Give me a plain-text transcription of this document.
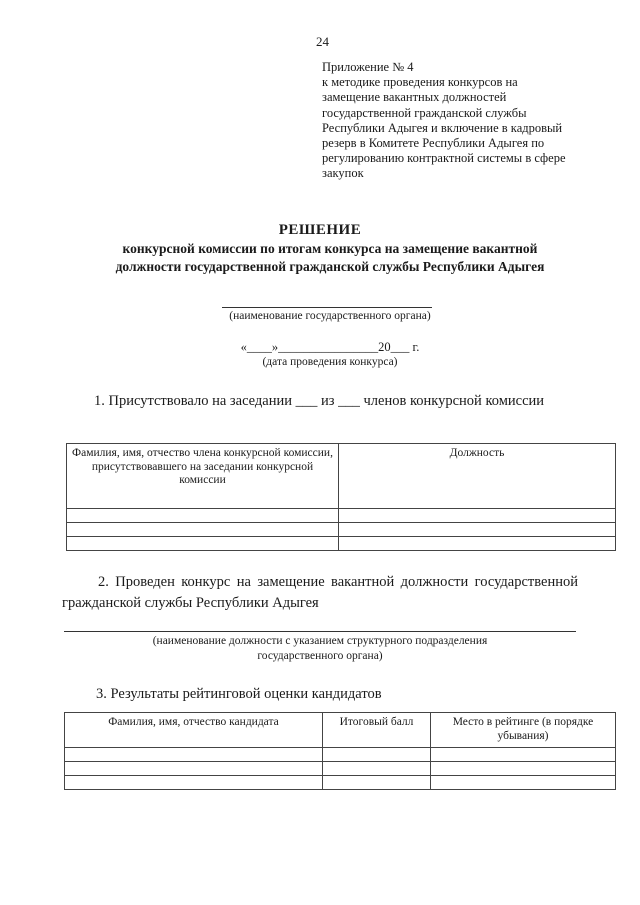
24
Приложение № 4
к методике проведения конкурсов на
замещение вакантных должностей
государственной гражданской службы
Республики Адыгея и включение в кадровый
резерв в Комитете Республики Адыгея по
регулированию контрактной системы в сфере
закупок
РЕШЕНИЕ
конкурсной комиссии по итогам конкурса на замещение вакантной
должности государственной гражданской службы Республики Адыгея
(наименование государственного органа)
«____»________________20___ г.
(дата проведения конкурса)
1. Присутствовало на заседании ___ из ___ членов конкурсной комиссии
Фамилия, имя, отчество члена конкурсной комиссии, присутствовавшего на заседании конкурсной комиссии	Должность

2. Проведен конкурс на замещение вакантной должности государственной гражданской службы Республики Адыгея
(наименование должности с указанием структурного подразделения
государственного органа)
3. Результаты рейтинговой оценки кандидатов
Фамилия, имя, отчество кандидата	Итоговый балл	Место в рейтинге (в порядке убывания)
